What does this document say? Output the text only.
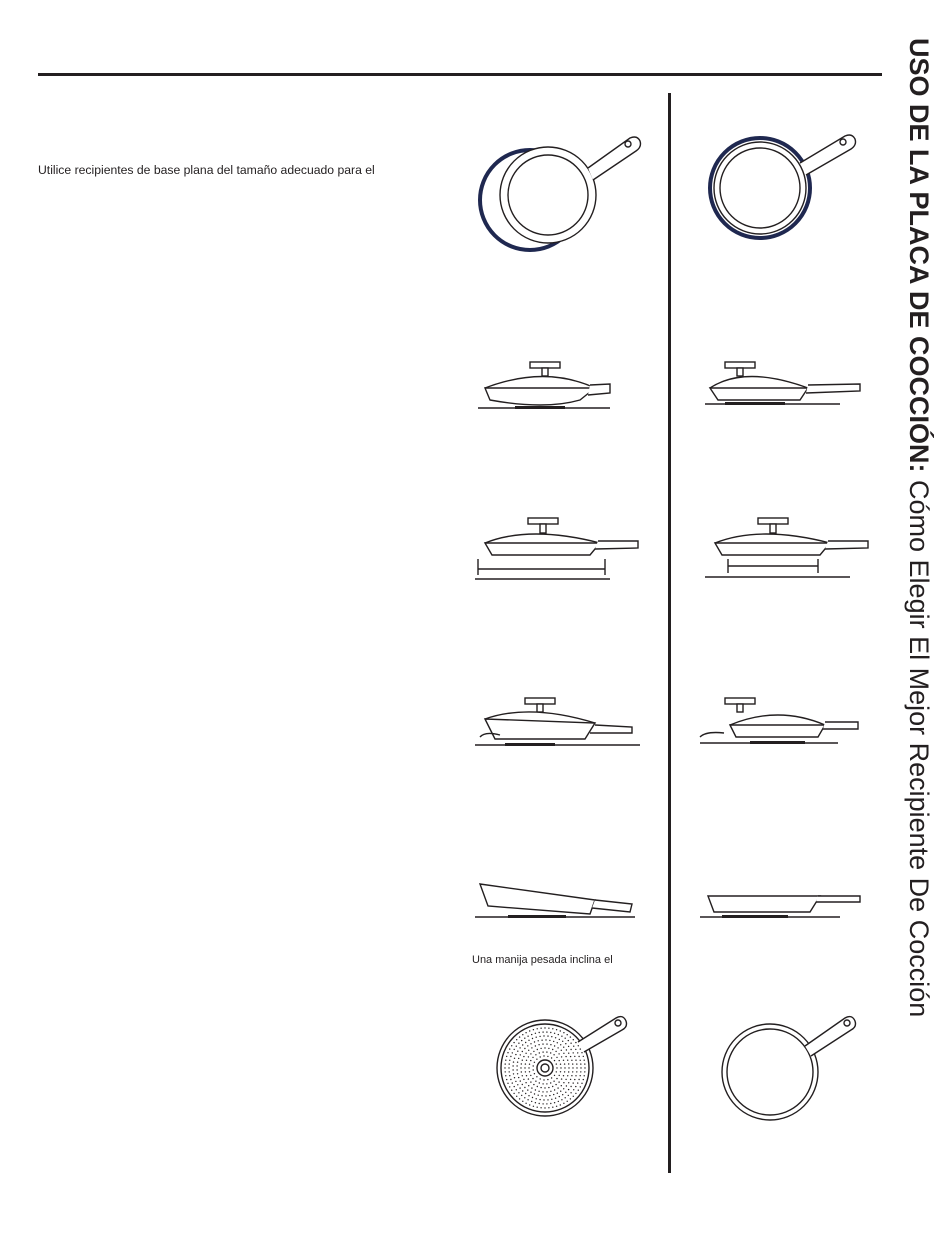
Utilice recipientes de base plana del tamaño adecuado para el
Una manija pesada inclina el
USO DE LA PLACA DE COCCIÓN: Cómo Elegir El Mejor Recipiente De Cocción
